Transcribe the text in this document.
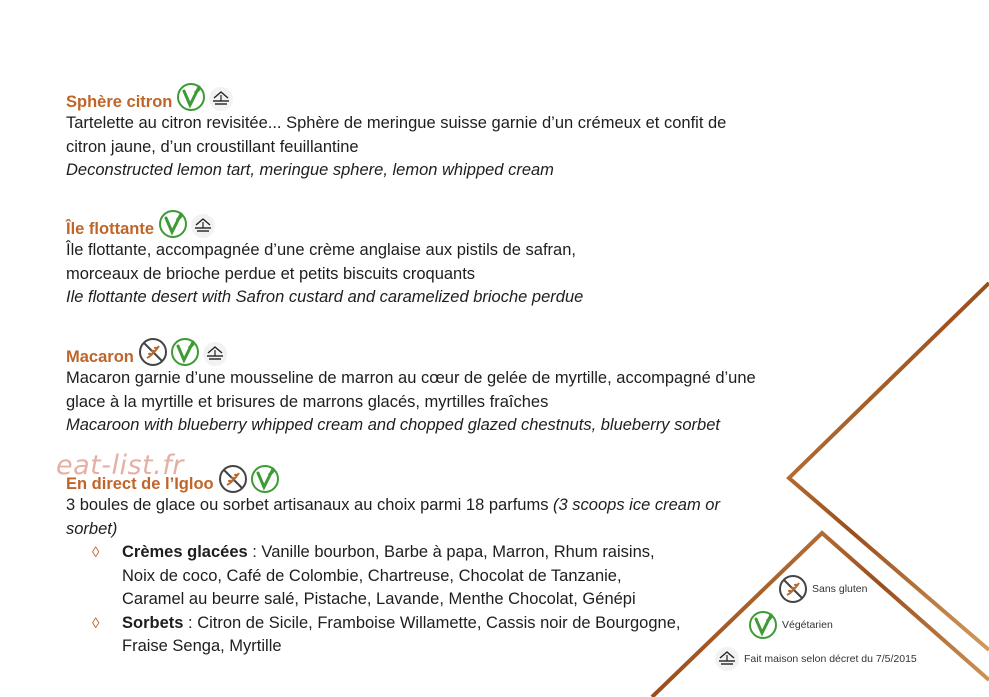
eat-list.fr
Sphère citron
Tartelette au citron revisitée... Sphère de meringue suisse garnie d’un crémeux et confit de
citron jaune, d’un croustillant feuillantine
Deconstructed lemon tart, meringue sphere, lemon whipped cream
Île flottante
Île flottante, accompagnée d’une crème anglaise aux pistils de safran,
morceaux de brioche perdue et petits biscuits croquants
Ile flottante desert with Safron custard and caramelized brioche perdue
Macaron
Macaron garnie d’une mousseline de marron au cœur de gelée de myrtille, accompagné d’une
glace à la myrtille et brisures de marrons glacés, myrtilles fraîches
Macaroon with blueberry whipped cream and chopped glazed chestnuts, blueberry sorbet
En direct de l’Igloo
3 boules de glace ou sorbet artisanaux au choix parmi 18 parfums (3 scoops ice cream or
sorbet)
◊ Crèmes glacées : Vanille bourbon, Barbe à papa, Marron, Rhum raisins,
Noix de coco, Café de Colombie, Chartreuse, Chocolat de Tanzanie,
Caramel au beurre salé, Pistache, Lavande, Menthe Chocolat, Génépi
◊ Sorbets : Citron de Sicile, Framboise Willamette, Cassis noir de Bourgogne,
Fraise Senga, Myrtille
Sans gluten
Végétarien
Fait maison selon décret du 7/5/2015
